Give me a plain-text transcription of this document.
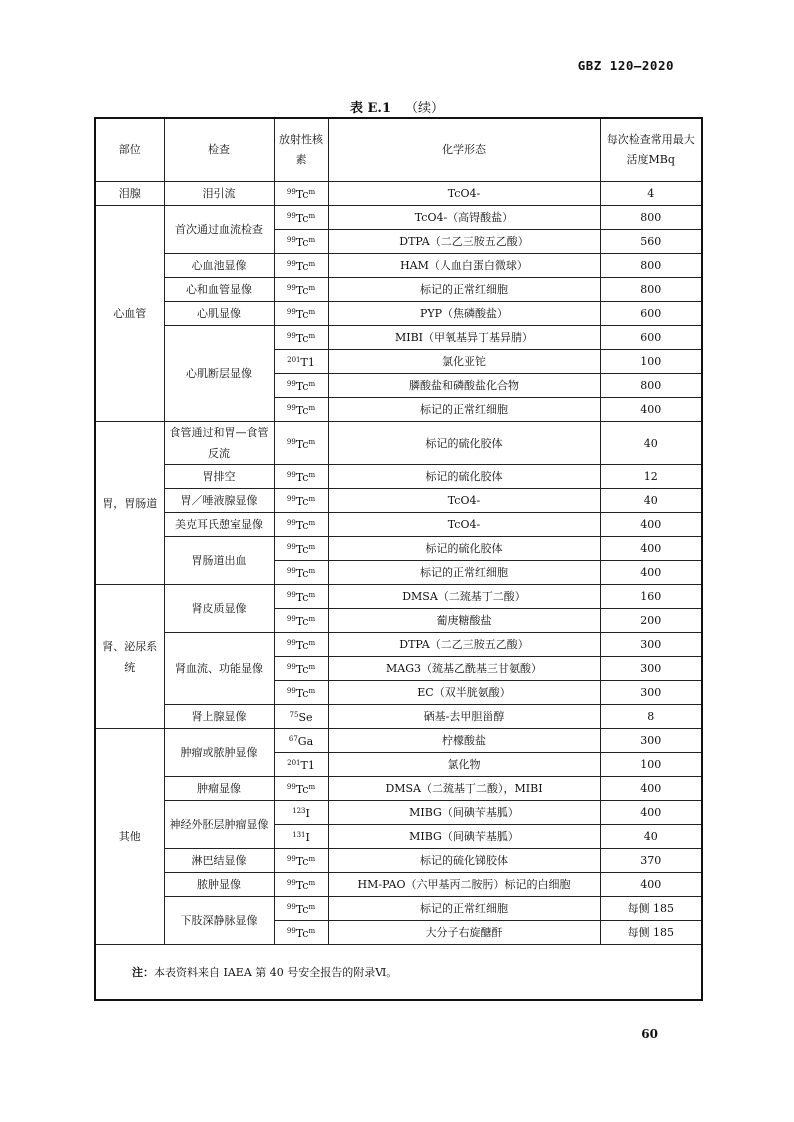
GBZ 120—2020
表 E.1 （续）
部位	检查	放射性核素	化学形态	每次检查常用最大活度MBq
泪腺	泪引流	$^{99}$Tc$^m$	TcO4-	4
心血管	首次通过血流检查	$^{99}$Tc$^m$	TcO4-（高锝酸盐）	800
		$^{99}$Tc$^m$	DTPA（二乙三胺五乙酸）	560
	心血池显像	$^{99}$Tc$^m$	HAM（人血白蛋白微球）	800
	心和血管显像	$^{99}$Tc$^m$	标记的正常红细胞	800
	心肌显像	$^{99}$Tc$^m$	PYP（焦磷酸盐）	600
	心肌断层显像	$^{99}$Tc$^m$	MIBI（甲氧基异丁基异腈）	600
		$^{201}$T1	氯化亚铊	100
		$^{99}$Tc$^m$	膦酸盐和磷酸盐化合物	800
		$^{99}$Tc$^m$	标记的正常红细胞	400
胃，胃肠道	食管通过和胃—食管反流	$^{99}$Tc$^m$	标记的硫化胶体	40
	胃排空	$^{99}$Tc$^m$	标记的硫化胶体	12
	胃／唾液腺显像	$^{99}$Tc$^m$	TcO4-	40
	美克耳氏憩室显像	$^{99}$Tc$^m$	TcO4-	400
	胃肠道出血	$^{99}$Tc$^m$	标记的硫化胶体	400
		$^{99}$Tc$^m$	标记的正常红细胞	400
肾、泌尿系统	肾皮质显像	$^{99}$Tc$^m$	DMSA（二巯基丁二酸）	160
		$^{99}$Tc$^m$	葡庚糖酸盐	200
	肾血流、功能显像	$^{99}$Tc$^m$	DTPA（二乙三胺五乙酸）	300
		$^{99}$Tc$^m$	MAG3（巯基乙酰基三甘氨酸）	300
		$^{99}$Tc$^m$	EC（双半胱氨酸）	300
	肾上腺显像	$^{75}$Se	硒基-去甲胆甾醇	8
其他	肿瘤或脓肿显像	$^{67}$Ga	柠檬酸盐	300
		$^{201}$T1	氯化物	100
	肿瘤显像	$^{99}$Tc$^m$	DMSA（二巯基丁二酸），MIBI	400
	神经外胚层肿瘤显像	$^{123}$I	MIBG（间碘苄基胍）	400
		$^{131}$I	MIBG（间碘苄基胍）	40
	淋巴结显像	$^{99}$Tc$^m$	标记的硫化锑胶体	370
	脓肿显像	$^{99}$Tc$^m$	HM-PAO（六甲基丙二胺肟）标记的白细胞	400
	下肢深静脉显像	$^{99}$Tc$^m$	标记的正常红细胞	每侧 185
		$^{99}$Tc$^m$	大分子右旋醣酐	每侧 185
注：本表资料来自 IAEA 第 40 号安全报告的附录Ⅵ。				
60
